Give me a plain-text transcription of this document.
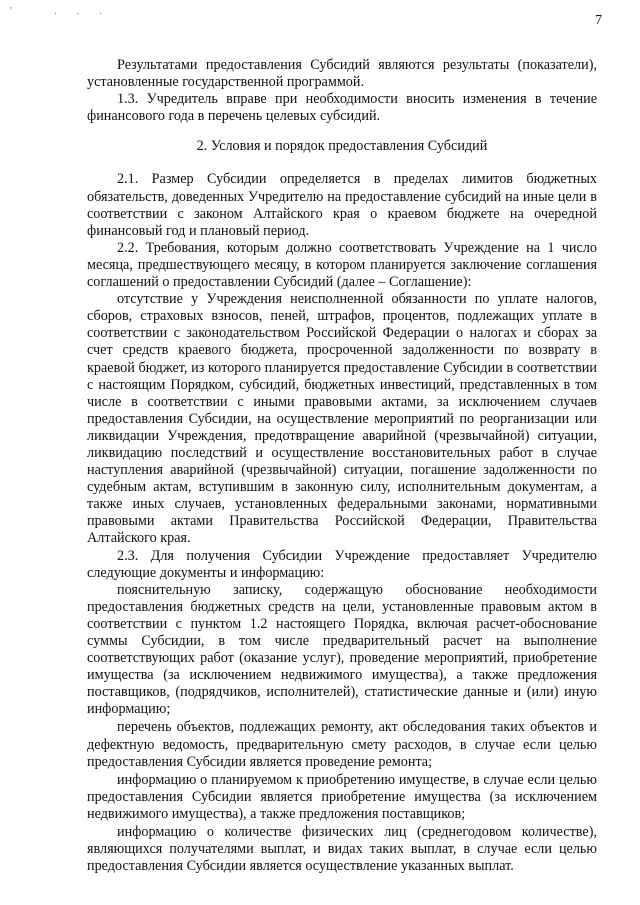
' ...
7

Результатами предоставления Субсидий являются результаты (показатели), установленные государственной программой.

1.3. Учредитель вправе при необходимости вносить изменения в течение финансового года в перечень целевых субсидий.

2. Условия и порядок предоставления Субсидий

2.1. Размер Субсидии определяется в пределах лимитов бюджетных обязательств, доведенных Учредителю на предоставление субсидий на иные цели в соответствии с законом Алтайского края о краевом бюджете на очередной финансовый год и плановый период.

2.2. Требования, которым должно соответствовать Учреждение на 1 число месяца, предшествующего месяцу, в котором планируется заключение соглашения соглашений о предоставлении Субсидий (далее – Соглашение):

отсутствие у Учреждения неисполненной обязанности по уплате налогов, сборов, страховых взносов, пеней, штрафов, процентов, подлежащих уплате в соответствии с законодательством Российской Федерации о налогах и сборах за счет средств краевого бюджета, просроченной задолженности по возврату в краевой бюджет, из которого планируется предоставление Субсидии в соответствии с настоящим Порядком, субсидий, бюджетных инвестиций, представленных в том числе в соответствии с иными правовыми актами, за исключением случаев предоставления Субсидии, на осуществление мероприятий по реорганизации или ликвидации Учреждения, предотвращение аварийной (чрезвычайной) ситуации, ликвидацию последствий и осуществление восстановительных работ в случае наступления аварийной (чрезвычайной) ситуации, погашение задолженности по судебным актам, вступившим в законную силу, исполнительным документам, а также иных случаев, установленных федеральными законами, нормативными правовыми актами Правительства Российской Федерации, Правительства Алтайского края.

2.3. Для получения Субсидии Учреждение предоставляет Учредителю следующие документы и информацию:

пояснительную записку, содержащую обоснование необходимости предоставления бюджетных средств на цели, установленные правовым актом в соответствии с пунктом 1.2 настоящего Порядка, включая расчет-обоснование суммы Субсидии, в том числе предварительный расчет на выполнение соответствующих работ (оказание услуг), проведение мероприятий, приобретение имущества (за исключением недвижимого имущества), а также предложения поставщиков, (подрядчиков, исполнителей), статистические данные и (или) иную информацию;

перечень объектов, подлежащих ремонту, акт обследования таких объектов и дефектную ведомость, предварительную смету расходов, в случае если целью предоставления Субсидии является проведение ремонта;

информацию о планируемом к приобретению имуществе, в случае если целью предоставления Субсидии является приобретение имущества (за исключением недвижимого имущества), а также предложения поставщиков;

информацию о количестве физических лиц (среднегодовом количестве), являющихся получателями выплат, и видах таких выплат, в случае если целью предоставления Субсидии является осуществление указанных выплат.
